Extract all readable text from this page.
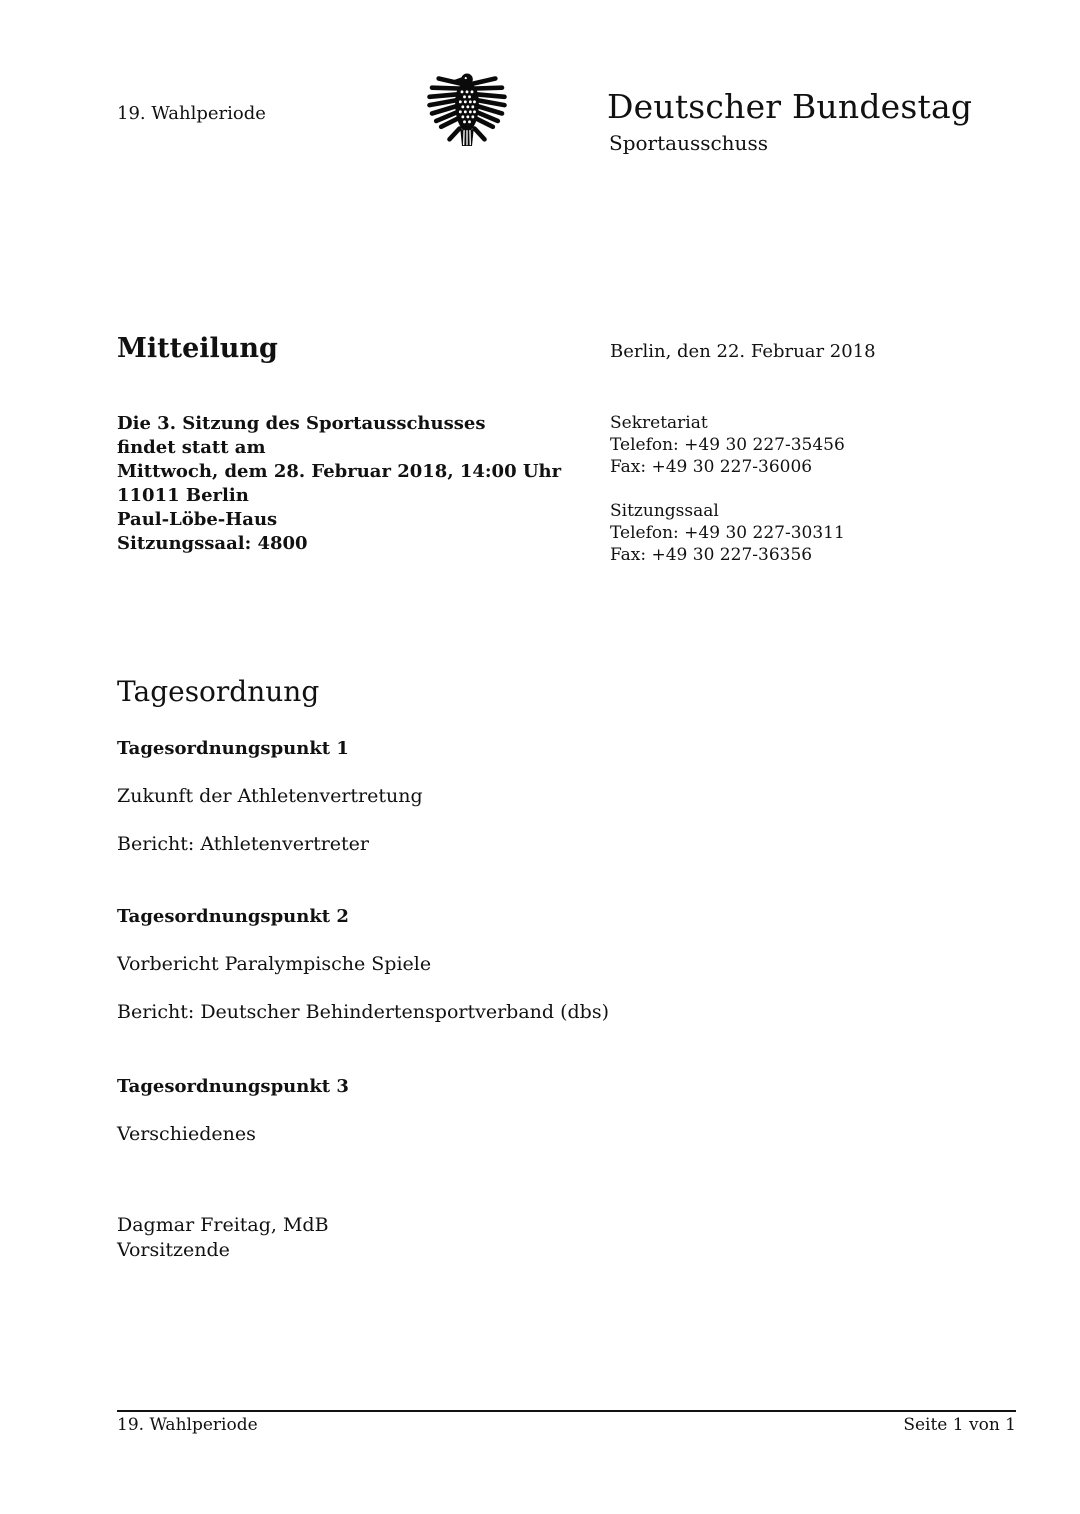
19. Wahlperiode	Deutscher Bundestag
Sportausschuss
Mitteilung	Berlin, den 22. Februar 2018
Die 3. Sitzung des Sportausschusses
findet statt am
Mittwoch, dem 28. Februar 2018, 14:00 Uhr
11011 Berlin
Paul-Löbe-Haus
Sitzungssaal: 4800
Sekretariat
Telefon: +49 30 227-35456
Fax: +49 30 227-36006
Sitzungssaal
Telefon: +49 30 227-30311
Fax: +49 30 227-36356
Tagesordnung
Tagesordnungspunkt 1
Zukunft der Athletenvertretung
Bericht: Athletenvertreter
Tagesordnungspunkt 2
Vorbericht Paralympische Spiele
Bericht: Deutscher Behindertensportverband (dbs)
Tagesordnungspunkt 3
Verschiedenes
Dagmar Freitag, MdB
Vorsitzende
19. Wahlperiode	Seite 1 von 1
